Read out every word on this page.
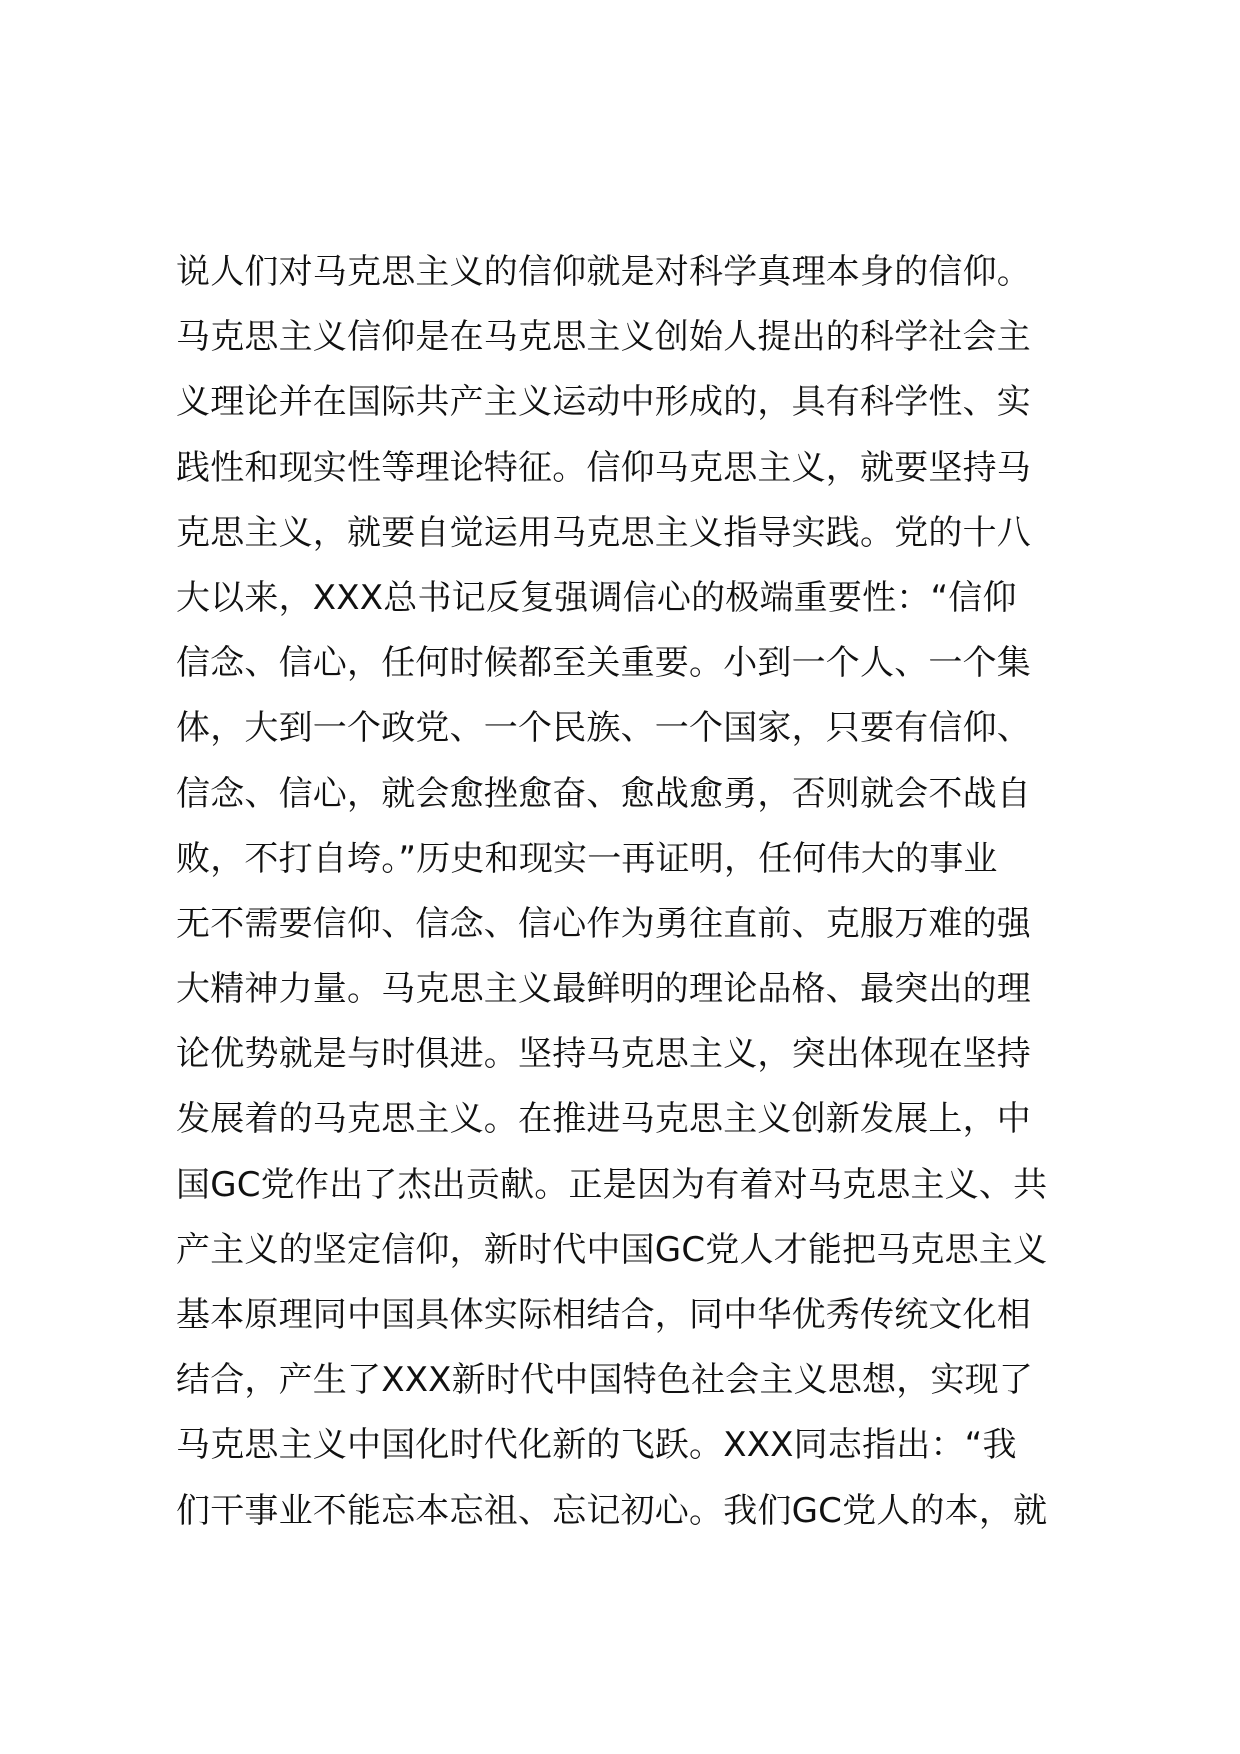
说人们对马克思主义的信仰就是对科学真理本身的信仰。
马克思主义信仰是在马克思主义创始人提出的科学社会主
义理论并在国际共产主义运动中形成的，具有科学性、实
践性和现实性等理论特征。信仰马克思主义，就要坚持马
克思主义，就要自觉运用马克思主义指导实践。党的十八
大以来，XXX总书记反复强调信心的极端重要性：“信仰
信念、信心，任何时候都至关重要。小到一个人、一个集
体，大到一个政党、一个民族、一个国家，只要有信仰、
信念、信心，就会愈挫愈奋、愈战愈勇，否则就会不战自
败，不打自垮。”历史和现实一再证明，任何伟大的事业
无不需要信仰、信念、信心作为勇往直前、克服万难的强
大精神力量。马克思主义最鲜明的理论品格、最突出的理
论优势就是与时俱进。坚持马克思主义，突出体现在坚持
发展着的马克思主义。在推进马克思主义创新发展上，中
国GC党作出了杰出贡献。正是因为有着对马克思主义、共
产主义的坚定信仰，新时代中国GC党人才能把马克思主义
基本原理同中国具体实际相结合，同中华优秀传统文化相
结合，产生了XXX新时代中国特色社会主义思想，实现了
马克思主义中国化时代化新的飞跃。XXX同志指出：“我
们干事业不能忘本忘祖、忘记初心。我们GC党人的本，就
